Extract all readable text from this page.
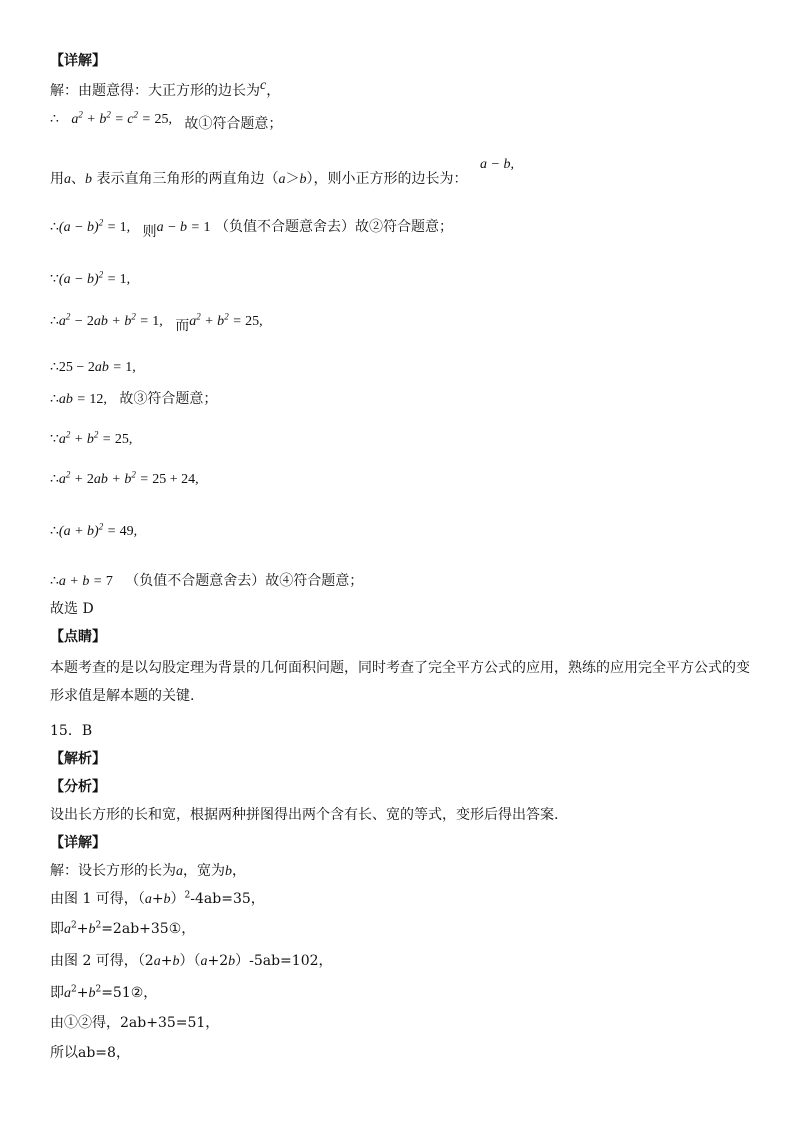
【详解】
解：由题意得：大正方形的边长为c，
∴ $a^2 + b^2 = c^2 = 25$, 故①符合题意；
用a、b 表示直角三角形的两直角边（a＞b），则小正方形的边长为：
a − b,
∴(a − b)$^2$ = 1, 则a − b = 1 （负值不合题意舍去）故②符合题意；
∵(a − b)$^2$ = 1,
$\therefore a^2 - 2ab + b^2 = 1$, 而$a^2 + b^2 = 25$,
∴25 − 2ab = 1,
∴ab = 12, 故③符合题意；
$\because a^2 + b^2 = 25$,
$\therefore a^2 + 2ab + b^2 = 25 + 24$,
∴(a + b)$^2$ = 49,
∴a + b = 7 （负值不合题意舍去）故④符合题意；
故选 D
【点睛】
本题考查的是以勾股定理为背景的几何面积问题，同时考查了完全平方公式的应用，熟练的应用完全平方公式的变形求值是解本题的关键.
15．B
【解析】
【分析】
设出长方形的长和宽，根据两种拼图得出两个含有长、宽的等式，变形后得出答案.
【详解】
解：设长方形的长为a，宽为b，
由图 1 可得，$(a+b)^2-4ab=35$，
即$a^2+b^2=2ab+35①$，
由图 2 可得，（2a+b）（a+2b）-5ab=102，
即$a^2+b^2=51②$，
由①②得，2ab+35=51，
所以ab=8，
